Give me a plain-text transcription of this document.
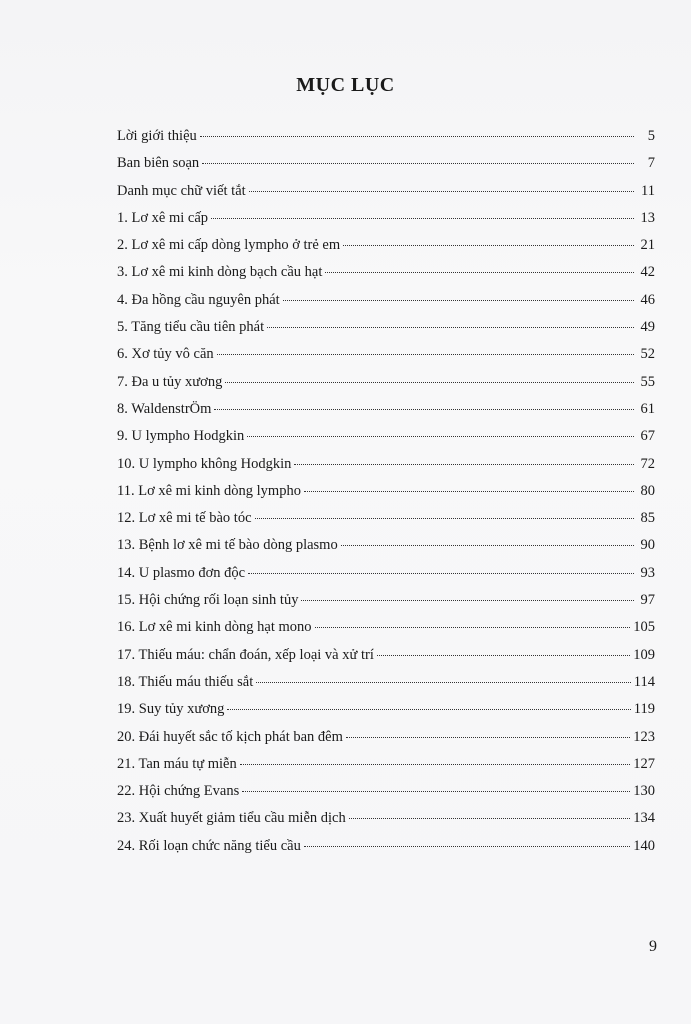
MỤC LỤC
Lời giới thiệu	5
Ban biên soạn	7
Danh mục chữ viết tắt	11
1. Lơ xê mi cấp	13
2. Lơ xê mi cấp dòng lympho ở trẻ em	21
3. Lơ xê mi kinh dòng bạch cầu hạt	42
4. Đa hồng cầu nguyên phát	46
5. Tăng tiểu cầu tiên phát	49
6. Xơ tủy vô căn	52
7. Đa u tủy xương	55
8. WaldenstrÖm	61
9. U lympho Hodgkin	67
10. U lympho không Hodgkin	72
11. Lơ xê mi kinh dòng lympho	80
12. Lơ xê mi tế bào tóc	85
13. Bệnh lơ xê mi tế bào dòng plasmo	90
14. U plasmo đơn độc	93
15. Hội chứng rối loạn sinh tủy	97
16. Lơ xê mi kinh dòng hạt mono	105
17. Thiếu máu: chẩn đoán, xếp loại và xử trí	109
18. Thiếu máu thiếu sắt	114
19. Suy tủy xương	119
20. Đái huyết sắc tố kịch phát ban đêm	123
21. Tan máu tự miễn	127
22. Hội chứng Evans	130
23. Xuất huyết giảm tiểu cầu miễn dịch	134
24. Rối loạn chức năng tiểu cầu	140
9
